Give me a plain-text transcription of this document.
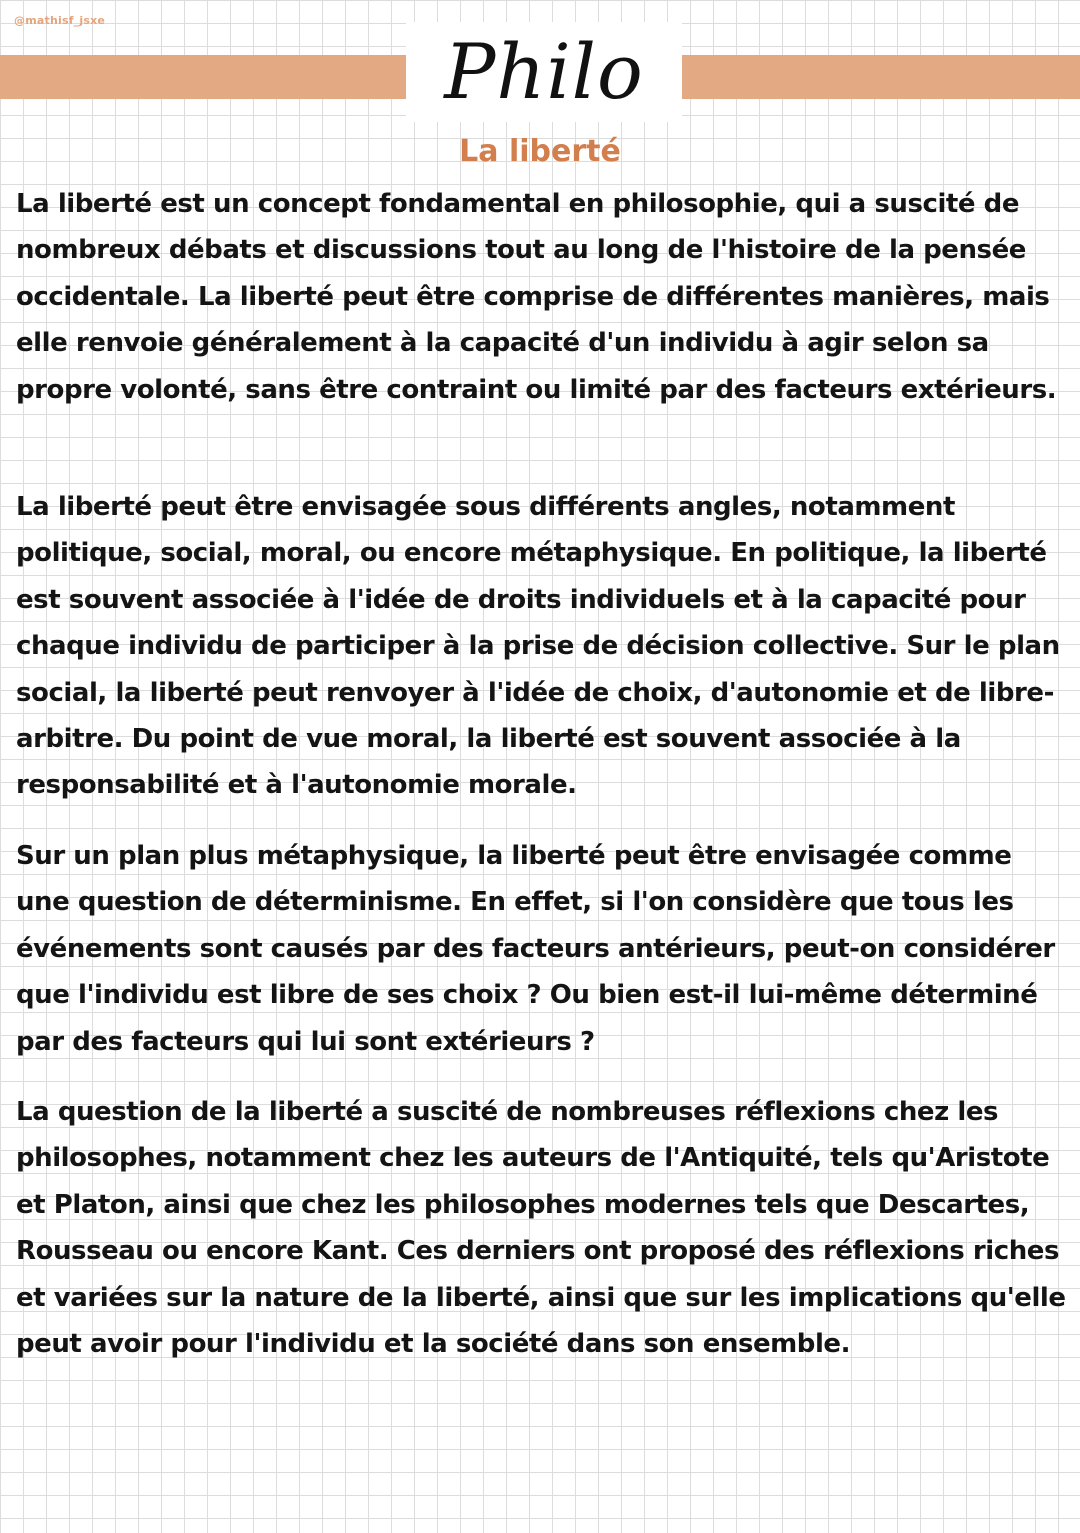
@mathisf_jsxe
Philo
La liberté

La liberté est un concept fondamental en philosophie, qui a suscité de nombreux débats et discussions tout au long de l'histoire de la pensée occidentale. La liberté peut être comprise de différentes manières, mais elle renvoie généralement à la capacité d'un individu à agir selon sa propre volonté, sans être contraint ou limité par des facteurs extérieurs.

La liberté peut être envisagée sous différents angles, notamment politique, social, moral, ou encore métaphysique. En politique, la liberté est souvent associée à l'idée de droits individuels et à la capacité pour chaque individu de participer à la prise de décision collective. Sur le plan social, la liberté peut renvoyer à l'idée de choix, d'autonomie et de libre-arbitre. Du point de vue moral, la liberté est souvent associée à la responsabilité et à l'autonomie morale.

Sur un plan plus métaphysique, la liberté peut être envisagée comme une question de déterminisme. En effet, si l'on considère que tous les événements sont causés par des facteurs antérieurs, peut-on considérer que l'individu est libre de ses choix ? Ou bien est-il lui-même déterminé par des facteurs qui lui sont extérieurs ?

La question de la liberté a suscité de nombreuses réflexions chez les philosophes, notamment chez les auteurs de l'Antiquité, tels qu'Aristote et Platon, ainsi que chez les philosophes modernes tels que Descartes, Rousseau ou encore Kant. Ces derniers ont proposé des réflexions riches et variées sur la nature de la liberté, ainsi que sur les implications qu'elle peut avoir pour l'individu et la société dans son ensemble.
